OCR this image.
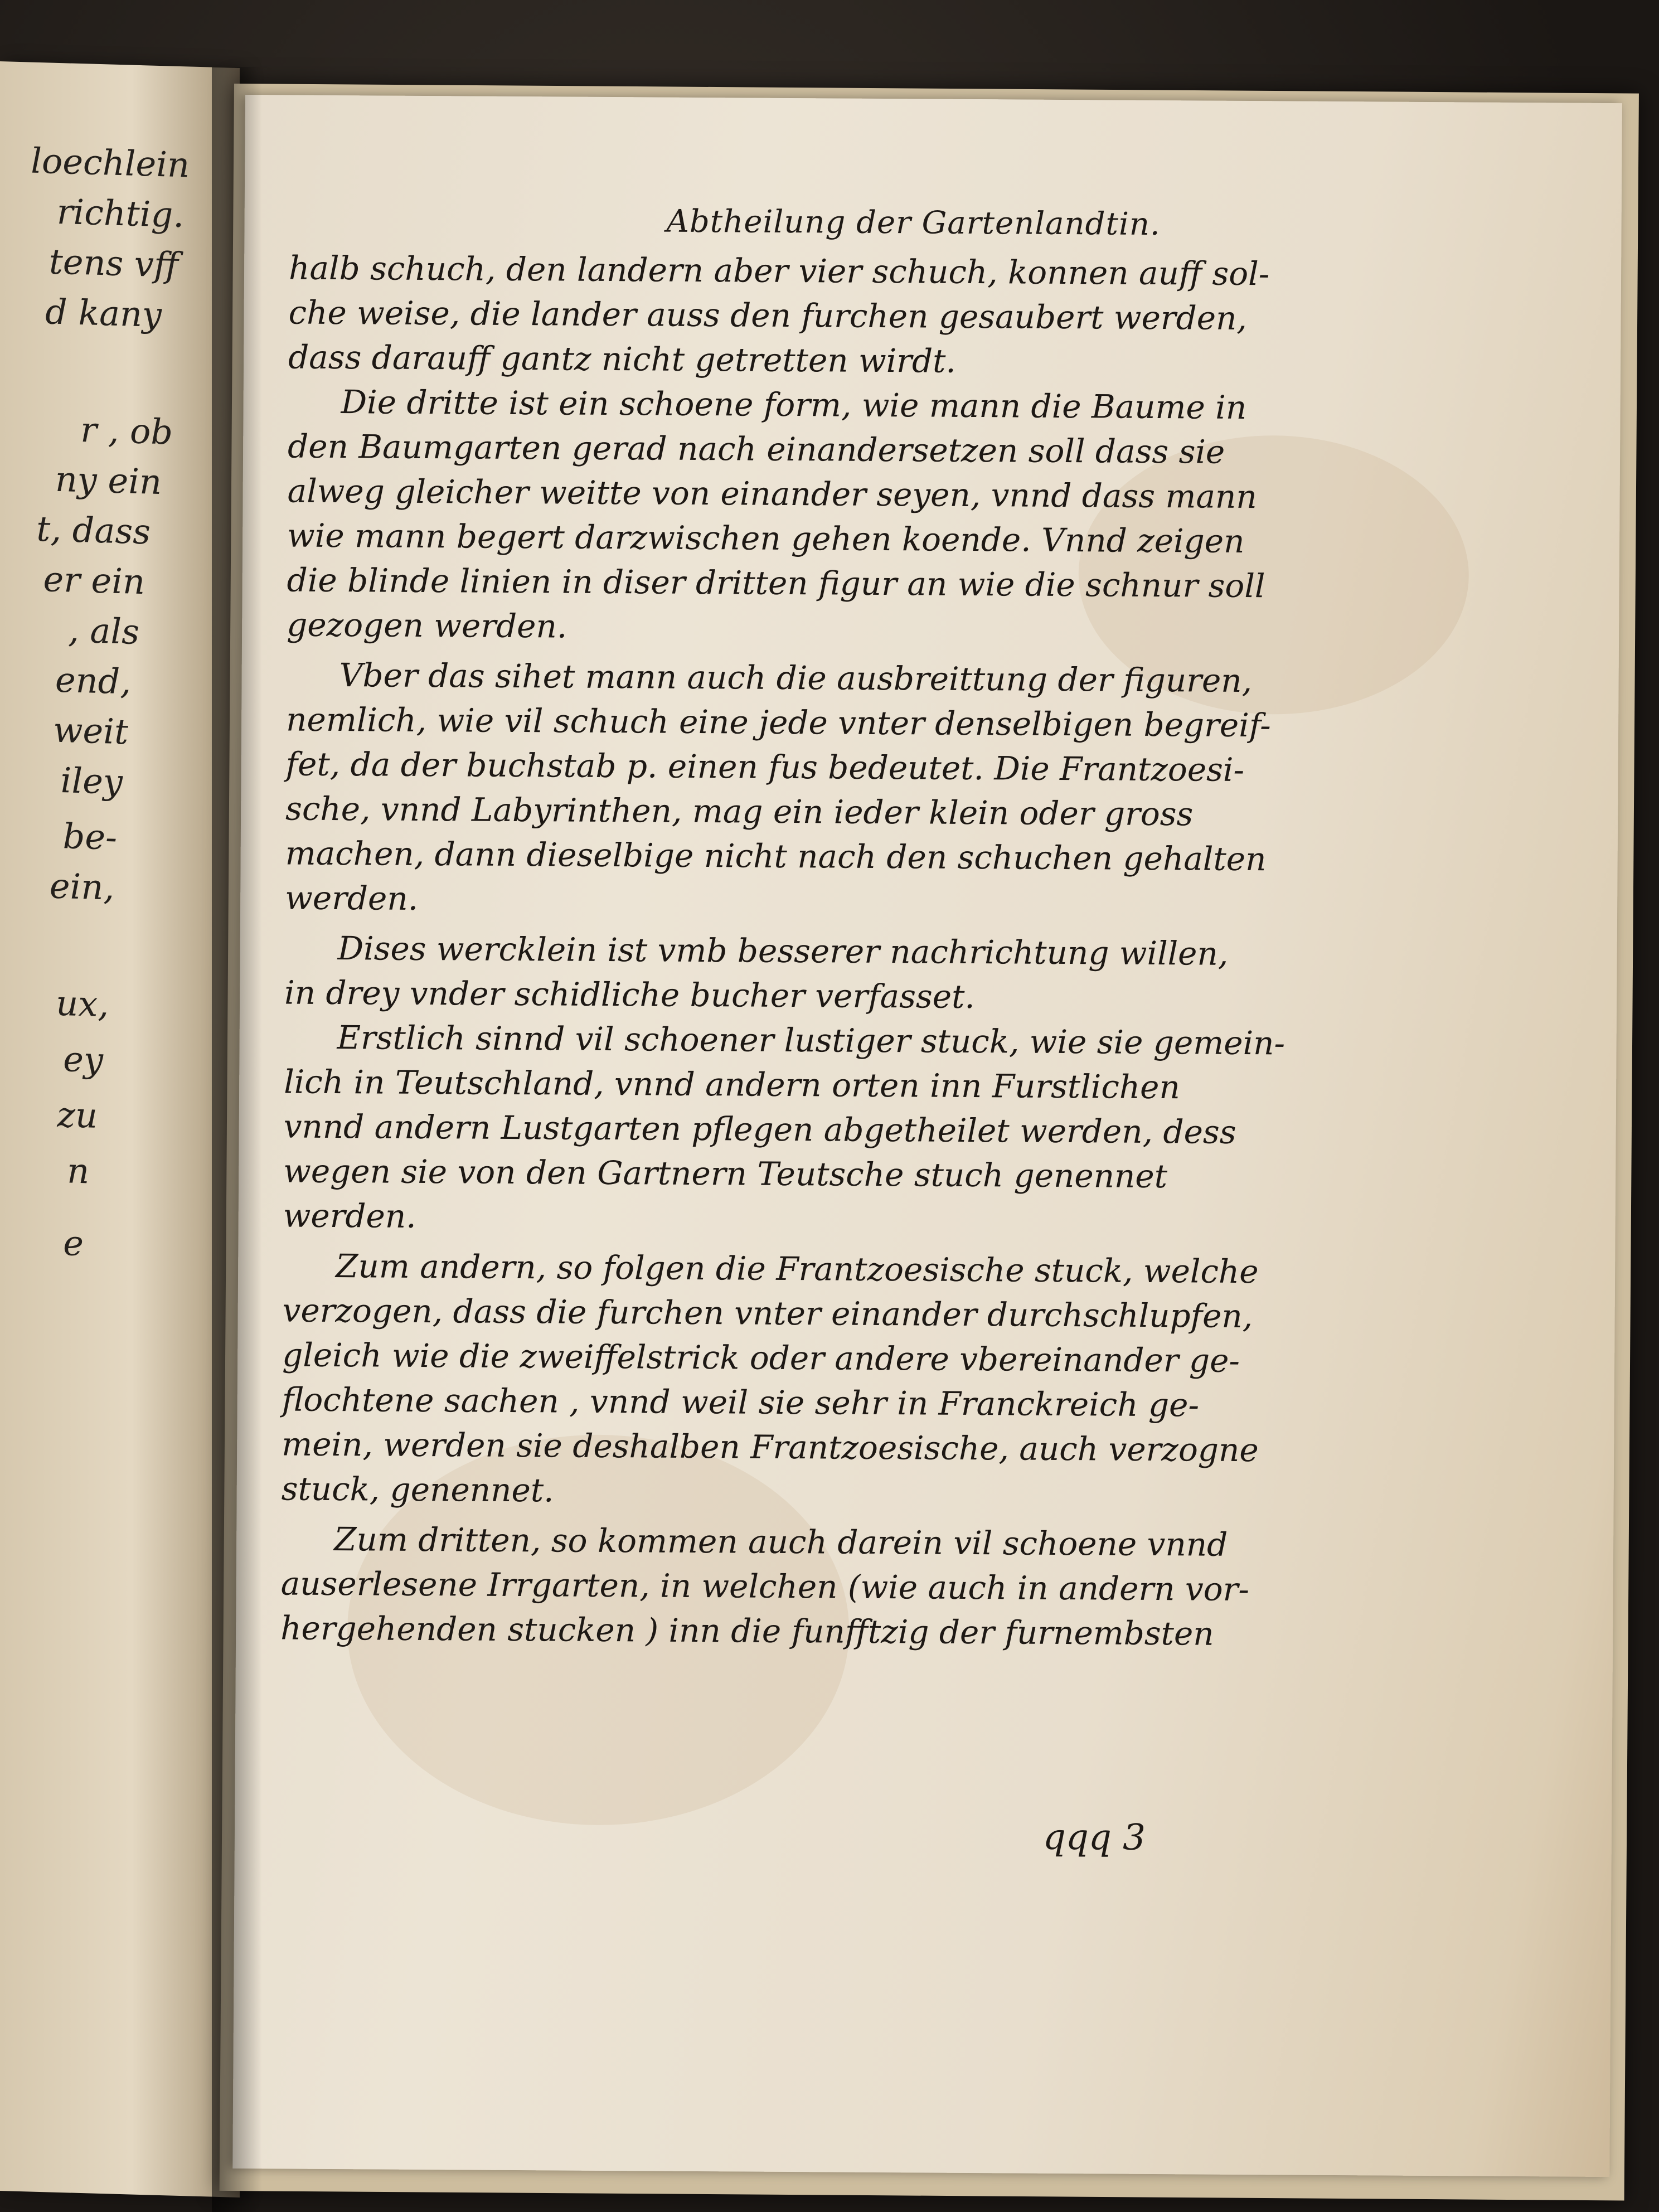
loechlein
richtig.
tens vff
d kany
r , ob
ny ein
t, dass
er ein
, als
end,
weit
iley
be-
ein,
ux,
ey
zu
n
e
Abtheilung der Gartenlandtin.
halb schuch, den landern aber vier schuch, konnen auff sol-
che weise, die lander auss den furchen gesaubert werden,
dass darauff gantz nicht getretten wirdt.
Die dritte ist ein schoene form, wie mann die Baume in
den Baumgarten gerad nach einandersetzen soll dass sie
alweg gleicher weitte von einander seyen, vnnd dass mann
wie mann begert darzwischen gehen koende. Vnnd zeigen
die blinde linien in diser dritten figur an wie die schnur soll
gezogen werden.
Vber das sihet mann auch die ausbreittung der figuren,
nemlich, wie vil schuch eine jede vnter denselbigen begreif-
fet, da der buchstab p. einen fus bedeutet. Die Frantzoesi-
sche, vnnd Labyrinthen, mag ein ieder klein oder gross
machen, dann dieselbige nicht nach den schuchen gehalten
werden.
Dises wercklein ist vmb besserer nachrichtung willen,
in drey vnder schidliche bucher verfasset.
Erstlich sinnd vil schoener lustiger stuck, wie sie gemein-
lich in Teutschland, vnnd andern orten inn Furstlichen
vnnd andern Lustgarten pflegen abgetheilet werden, dess
wegen sie von den Gartnern Teutsche stuch genennet
werden.
Zum andern, so folgen die Frantzoesische stuck, welche
verzogen, dass die furchen vnter einander durchschlupfen,
gleich wie die zweiffelstrick oder andere vbereinander ge-
flochtene sachen , vnnd weil sie sehr in Franckreich ge-
mein, werden sie deshalben Frantzoesische, auch verzogne
stuck, genennet.
Zum dritten, so kommen auch darein vil schoene vnnd
auserlesene Irrgarten, in welchen (wie auch in andern vor-
hergehenden stucken ) inn die funfftzig der furnembsten
qqq 3
